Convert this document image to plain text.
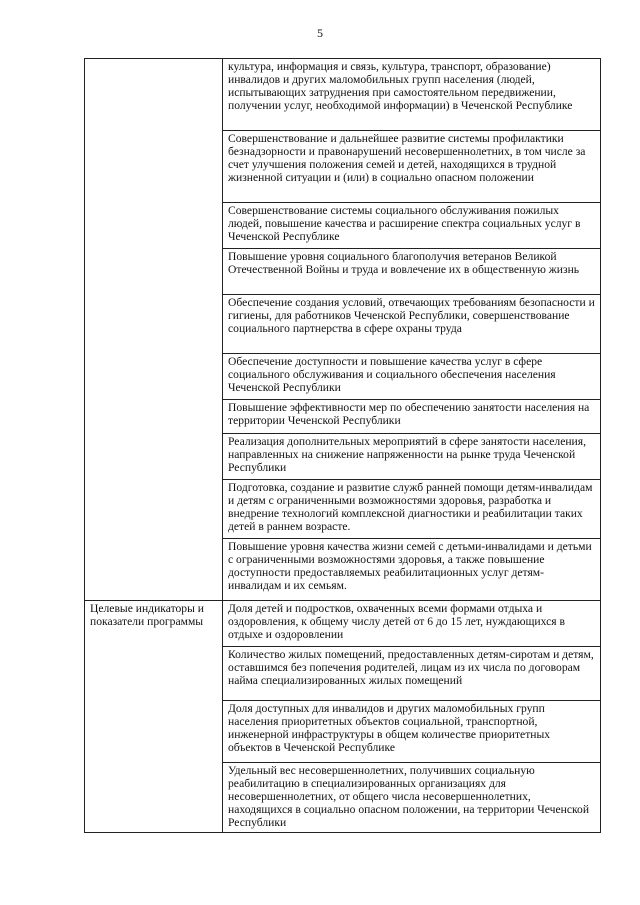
5
	культура, информация и связь, культура, транспорт, образование) инвалидов и других маломобильных групп населения (людей, испытывающих затруднения при самостоятельном передвижении, получении услуг, необходимой информации) в Чеченской Республике
	Совершенствование и дальнейшее развитие системы профилактики безнадзорности и правонарушений несовершеннолетних, в том числе за счет улучшения положения семей и детей, находящихся в трудной жизненной ситуации и (или) в социально опасном положении
	Совершенствование системы социального обслуживания пожилых людей, повышение качества и расширение спектра социальных услуг в Чеченской Республике
	Повышение уровня социального благополучия ветеранов Великой Отечественной Войны и труда и вовлечение их в общественную жизнь
	Обеспечение создания условий, отвечающих требованиям безопасности и гигиены, для работников Чеченской Республики, совершенствование социального партнерства в сфере охраны труда
	Обеспечение доступности и повышение качества услуг в сфере социального обслуживания и социального обеспечения населения Чеченской Республики
	Повышение эффективности мер по обеспечению занятости населения на территории Чеченской Республики
	Реализация дополнительных мероприятий в сфере занятости населения, направленных на снижение напряженности на рынке труда Чеченской Республики
	Подготовка, создание и развитие служб ранней помощи детям-инвалидам и детям с ограниченными возможностями здоровья, разработка и внедрение технологий комплексной диагностики и реабилитации таких детей в раннем возрасте.
	Повышение уровня качества жизни семей с детьми-инвалидами и детьми с ограниченными возможностями здоровья, а также повышение доступности предоставляемых реабилитационных услуг детям-инвалидам и их семьям.
Целевые индикаторы и показатели программы	Доля детей и подростков, охваченных всеми формами отдыха и оздоровления, к общему числу детей от 6 до 15 лет, нуждающихся в отдыхе и оздоровлении
	Количество жилых помещений, предоставленных детям-сиротам и детям, оставшимся без попечения родителей, лицам из их числа по договорам найма специализированных жилых помещений
	Доля доступных для инвалидов и других маломобильных групп населения приоритетных объектов социальной, транспортной, инженерной инфраструктуры в общем количестве приоритетных объектов в Чеченской Республике
	Удельный вес несовершеннолетних, получивших социальную реабилитацию в специализированных организациях для несовершеннолетних, от общего числа несовершеннолетних, находящихся в социально опасном положении, на территории Чеченской Республики
